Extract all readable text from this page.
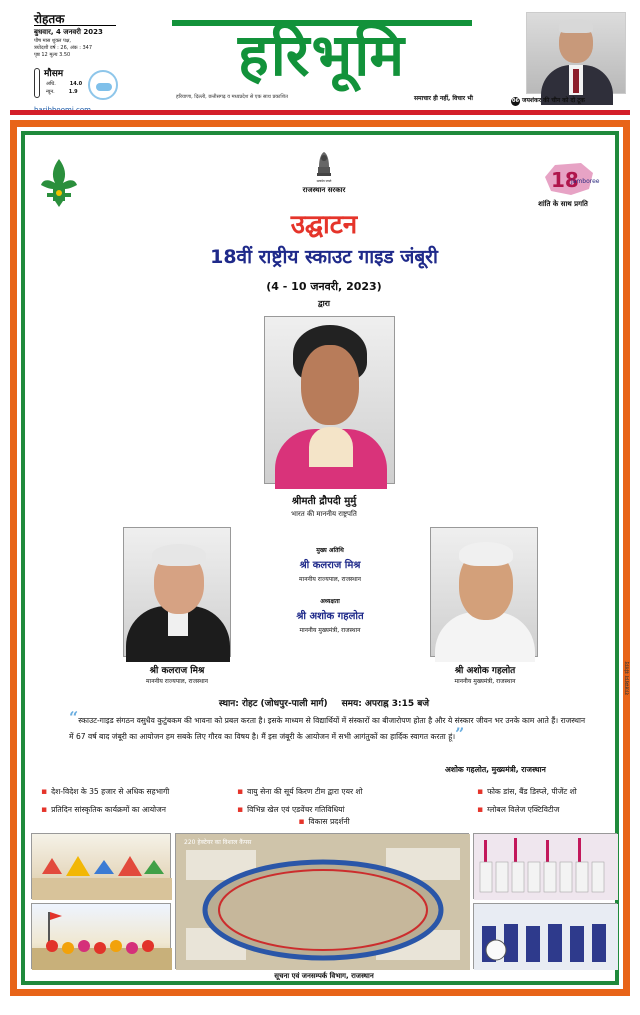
रोहतक
बुधवार, 4 जनवरी 2023
पौष मास शुक्ल पक्ष,
त्रयोदशी वर्ष : 26, अंक : 347
पृष्ठ 12 मूल्य 3.50
मौसम
अधि.	14.0
न्यून.	1.9
हरिभूमि
हरियाणा, दिल्ली, छत्तीसगढ़ व मध्यप्रदेश से एक साथ प्रकाशित	समाचार ही नहीं, विचार भी	06 जयशंकर की चीन को दो टूक
सत्यमेव जयते
राजस्थान सरकार	18
Jamboree
शांति के साथ प्रगति
उद्घाटन
18वीं राष्ट्रीय स्काउट गाइड जंबूरी
(4 - 10 जनवरी, 2023)
द्वारा
श्रीमती द्रौपदी मुर्मु
भारत की माननीय राष्ट्रपति
मुख्य अतिथि
श्री कलराज मिश्र
माननीय राज्यपाल, राजस्थान
अध्यक्षता
श्री अशोक गहलोत
माननीय मुख्यमंत्री, राजस्थान
श्री कलराज मिश्र
माननीय राज्यपाल, राजस्थान
श्री अशोक गहलोत
माननीय मुख्यमंत्री, राजस्थान
स्थान: रोहट (जोधपुर-पाली मार्ग) समय: अपराह्न 3:15 बजे
“स्काउट-गाइड संगठन वसुधैव कुटुंबकम की भावना को प्रबल करता है। इसके माध्यम से विद्यार्थियों में संस्कारों का बीजारोपण होता है और ये संस्कार जीवन भर उनके काम आते हैं। राजस्थान में 67 वर्ष बाद जंबूरी का आयोजन हम सबके लिए गौरव का विषय है। मैं इस जंबूरी के आयोजन में सभी आगंतुकों का हार्दिक स्वागत करता हूं।”
अशोक गहलोत, मुख्यमंत्री, राजस्थान
▪ देश-विदेश के 35 हजार से अधिक सहभागी
▪ प्रतिदिन सांस्कृतिक कार्यक्रमों का आयोजन
▪ वायु सेना की सूर्य किरण टीम द्वारा एयर शो
▪ विभिन्न खेल एवं एडवेंचर गतिविधियां
▪ फोक डांस, बैंड डिस्प्ले, पीजेंट शो
▪ ग्लोबल विलेज एक्टिविटीज
▪ विकास प्रदर्शनी
220 हेक्टेयर का विशाल कैंपस
सूचना एवं जनसम्पर्क विभाग, राजस्थान
राजस्थान संवाद
